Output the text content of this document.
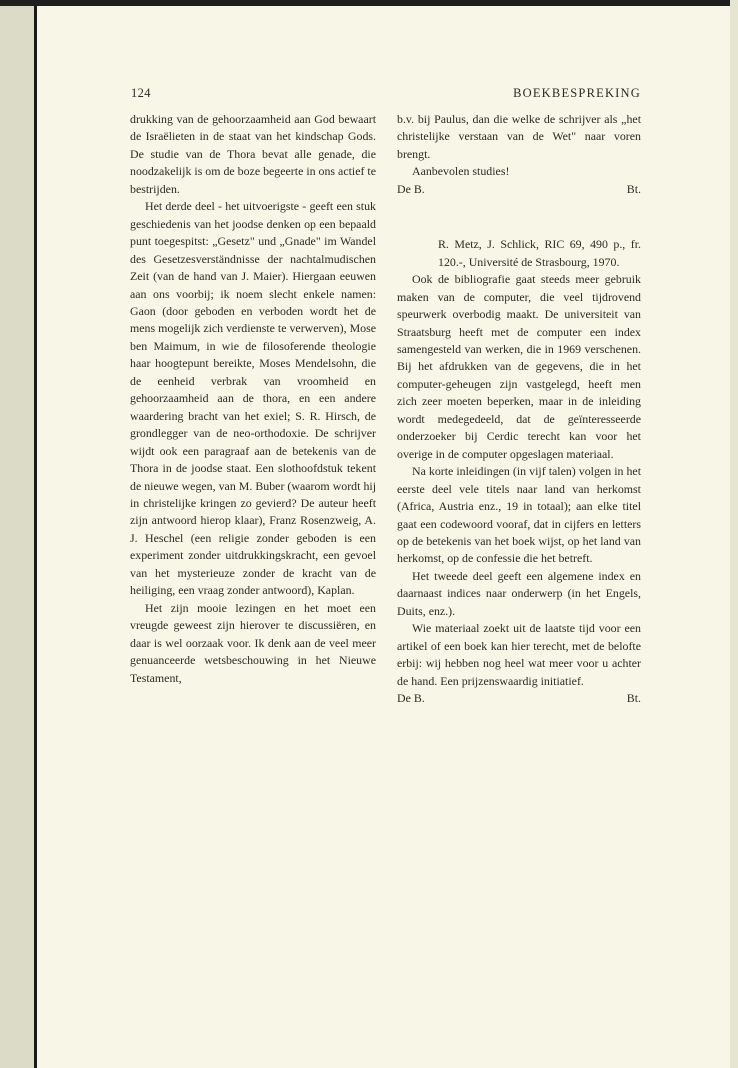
124	BOEKBESPREKING

drukking van de gehoorzaamheid aan God bewaart de Israëlieten in de staat van het kindschap Gods. De studie van de Thora bevat alle genade, die noodzakelijk is om de boze begeerte in ons actief te bestrijden.

Het derde deel - het uitvoerigste - geeft een stuk geschiedenis van het joodse denken op een bepaald punt toegespitst: „Gesetz" und „Gnade" im Wandel des Gesetzesverständnisse der nachtalmudischen Zeit (van de hand van J. Maier). Hiergaan eeuwen aan ons voorbij; ik noem slecht enkele namen: Gaon (door geboden en verboden wordt het de mens mogelijk zich verdienste te verwerven), Mose ben Maimum, in wie de filosoferende theologie haar hoogtepunt bereikte, Moses Mendelsohn, die de eenheid verbrak van vroomheid en gehoorzaamheid aan de thora, en een andere waardering bracht van het exiel; S. R. Hirsch, de grondlegger van de neo-orthodoxie. De schrijver wijdt ook een paragraaf aan de betekenis van de Thora in de joodse staat. Een slothoofdstuk tekent de nieuwe wegen, van M. Buber (waarom wordt hij in christelijke kringen zo gevierd? De auteur heeft zijn antwoord hierop klaar), Franz Rosenzweig, A. J. Heschel (een religie zonder geboden is een experiment zonder uitdrukkingskracht, een gevoel van het mysterieuze zonder de kracht van de heiliging, een vraag zonder antwoord), Kaplan.

Het zijn mooie lezingen en het moet een vreugde geweest zijn hierover te discussiëren, en daar is wel oorzaak voor. Ik denk aan de veel meer genuanceerde wetsbeschouwing in het Nieuwe Testament,

b.v. bij Paulus, dan die welke de schrijver als „het christelijke verstaan van de Wet" naar voren brengt.

Aanbevolen studies!

De B.	Bt.

R. Metz, J. Schlick, RIC 69, 490 p., fr. 120.-, Université de Strasbourg, 1970.

Ook de bibliografie gaat steeds meer gebruik maken van de computer, die veel tijdrovend speurwerk overbodig maakt. De universiteit van Straatsburg heeft met de computer een index samengesteld van werken, die in 1969 verschenen. Bij het afdrukken van de gegevens, die in het computer-geheugen zijn vastgelegd, heeft men zich zeer moeten beperken, maar in de inleiding wordt medegedeeld, dat de geïnteresseerde onderzoeker bij Cerdic terecht kan voor het overige in de computer opgeslagen materiaal.

Na korte inleidingen (in vijf talen) volgen in het eerste deel vele titels naar land van herkomst (Africa, Austria enz., 19 in totaal); aan elke titel gaat een codewoord vooraf, dat in cijfers en letters op de betekenis van het boek wijst, op het land van herkomst, op de confessie die het betreft.

Het tweede deel geeft een algemene index en daarnaast indices naar onderwerp (in het Engels, Duits, enz.).

Wie materiaal zoekt uit de laatste tijd voor een artikel of een boek kan hier terecht, met de belofte erbij: wij hebben nog heel wat meer voor u achter de hand. Een prijzenswaardig initiatief.

De B.	Bt.
